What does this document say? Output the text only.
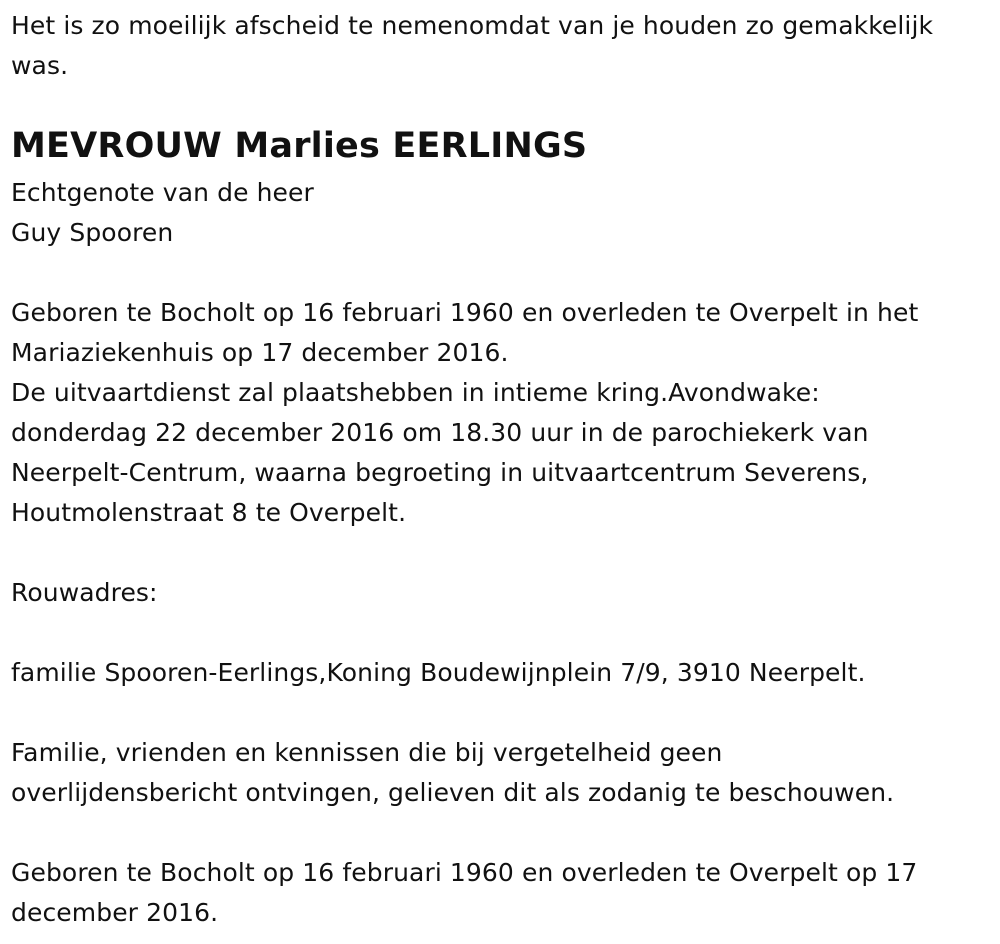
Het is zo moeilijk afscheid te nemenomdat van je houden zo gemakkelijk

was.

MEVROUW Marlies EERLINGS

Echtgenote van de heer

Guy Spooren

Geboren te Bocholt op 16 februari 1960 en overleden te Overpelt in het

Mariaziekenhuis op 17 december 2016.

De uitvaartdienst zal plaatshebben in intieme kring.Avondwake:

donderdag 22 december 2016 om 18.30 uur in de parochiekerk van

Neerpelt-Centrum, waarna begroeting in uitvaartcentrum Severens,

Houtmolenstraat 8 te Overpelt.

Rouwadres:

familie Spooren-Eerlings,Koning Boudewijnplein 7/9, 3910 Neerpelt.

Familie, vrienden en kennissen die bij vergetelheid geen

overlijdensbericht ontvingen, gelieven dit als zodanig te beschouwen.

Geboren te Bocholt op 16 februari 1960 en overleden te Overpelt op 17

december 2016.
